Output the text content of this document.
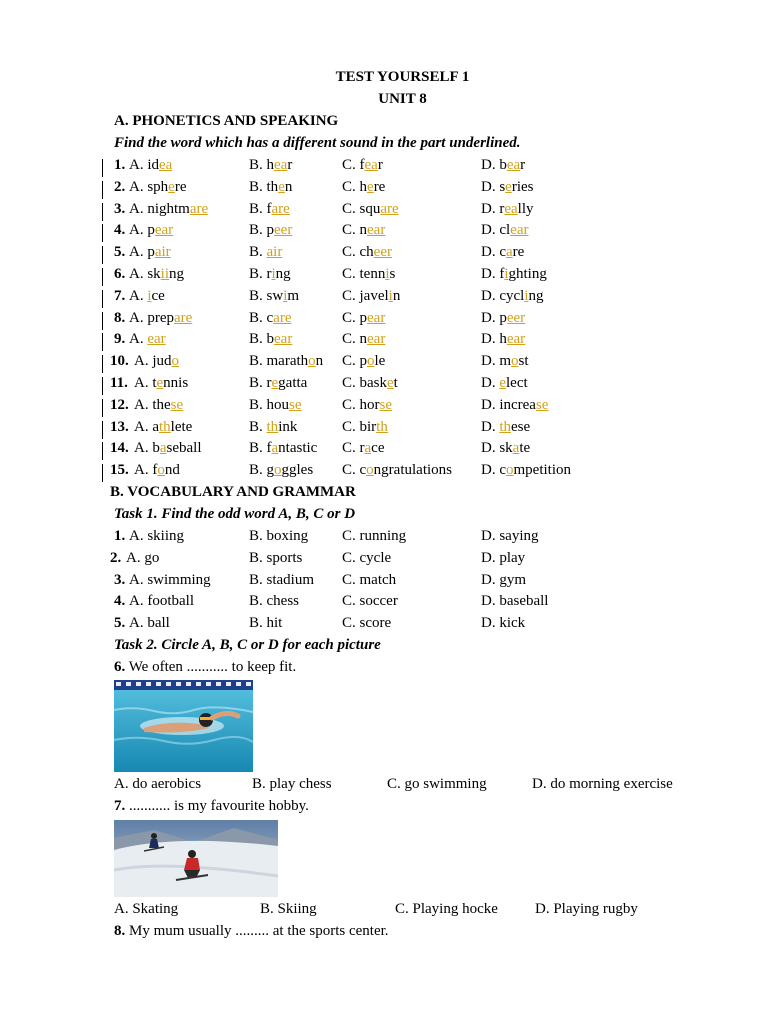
TEST YOURSELF 1
UNIT 8
A. PHONETICS AND SPEAKING
Find the word which has a different sound in the part underlined.
1. A. idea	B. hear	C. fear	D. bear
2. A. sphere	B. then	C. here	D. series
3. A. nightmare	B. fare	C. square	D. really
4. A. pear	B. peer	C. near	D. clear
5. A. pair	B. air	C. cheer	D. care
6. A. skiing	B. ring	C. tennis	D. fighting
7. A. ice	B. swim	C. javelin	D. cycling
8. A. prepare	B. care	C. pear	D. peer
9. A. ear	B. bear	C. near	D. hear
10. A. judo	B. marathon C. pole	D. most
11. A. tennis	B. regatta C. basket	D. elect
12. A. these	B. house	C. horse	D. increase
13. A. athlete	B. think	C. birth	D. these
14. A. baseball	B. fantastic C. race	D. skate
15. A. fond	B. goggles C. congratulations D. competition
B. VOCABULARY AND GRAMMAR
Task 1. Find the odd word A, B, C or D
1. A. skiing	B. boxing C. running	D. saying
2. A. go	B. sports	C. cycle	D. play
3. A. swimming	B. stadium C. match	D. gym
4. A. football	B. chess	C. soccer	D. baseball
5. A. ball	B. hit	C. score	D. kick
Task 2. Circle A, B, C or D for each picture
6. We often ........... to keep fit.
A. do aerobics	B. play chess	C. go swimming	D. do morning exercise
7. ........... is my favourite hobby.
A. Skating	B. Skiing	C. Playing hocke D. Playing rugby
8. My mum usually ......... at the sports center.
